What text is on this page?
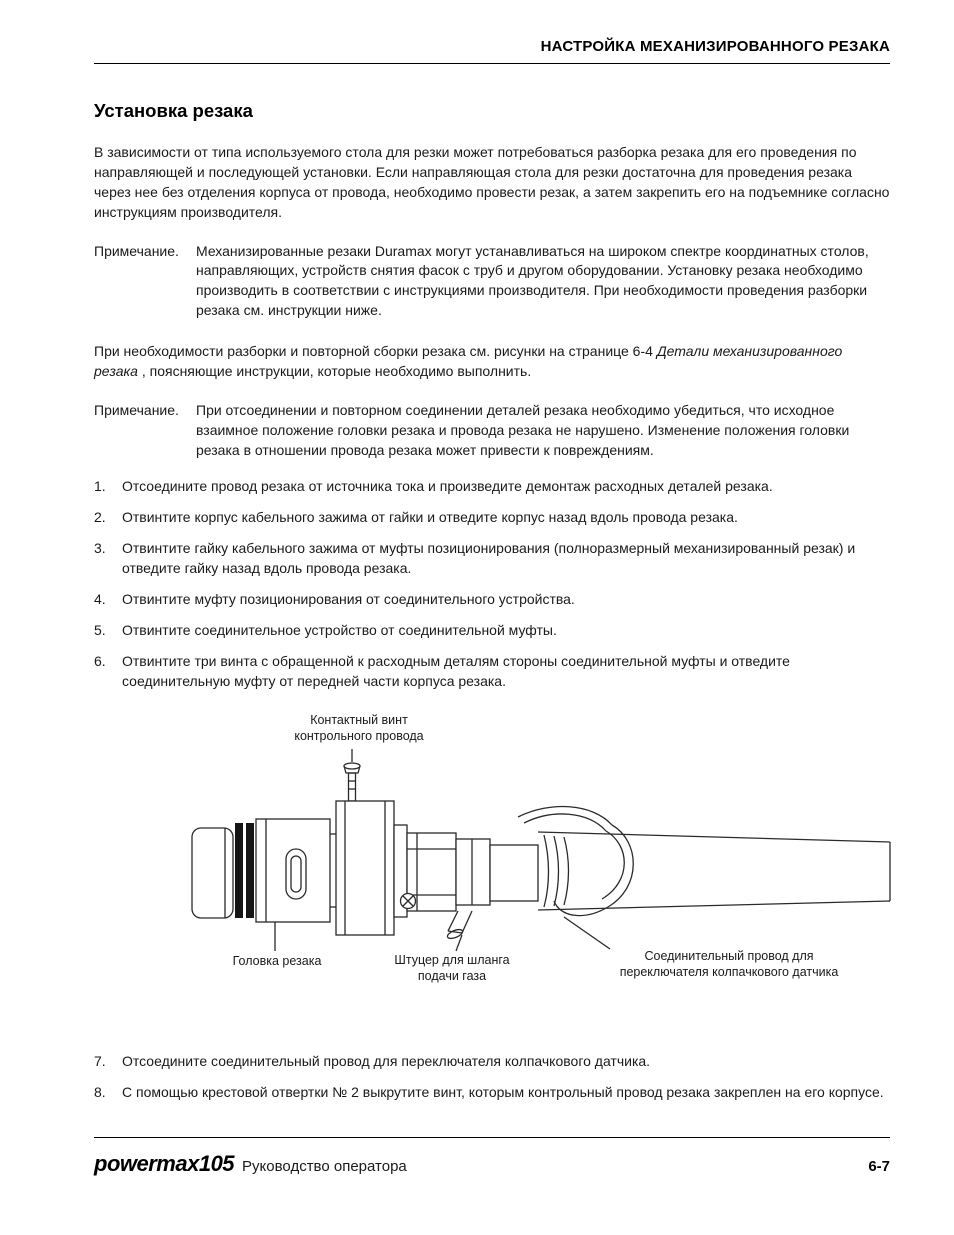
НАСТРОЙКА МЕХАНИЗИРОВАННОГО РЕЗАКА
Установка резака
В зависимости от типа используемого стола для резки может потребоваться разборка резака для его проведения по направляющей и последующей установки. Если направляющая стола для резки достаточна для проведения резака через нее без отделения корпуса от провода, необходимо провести резак, а затем закрепить его на подъемнике согласно инструкциям производителя.
Примечание.	Механизированные резаки Duramax могут устанавливаться на широком спектре координатных столов, направляющих, устройств снятия фасок с труб и другом оборудовании. Установку резака необходимо производить в соответствии с инструкциями производителя. При необходимости проведения разборки резака см. инструкции ниже.
При необходимости разборки и повторной сборки резака см. рисунки на странице 6-4 Детали механизированного резака , поясняющие инструкции, которые необходимо выполнить.
Примечание.	При отсоединении и повторном соединении деталей резака необходимо убедиться, что исходное взаимное положение головки резака и провода резака не нарушено. Изменение положения головки резака в отношении провода резака может привести к повреждениям.
1.	Отсоедините провод резака от источника тока и произведите демонтаж расходных деталей резака.
2.	Отвинтите корпус кабельного зажима от гайки и отведите корпус назад вдоль провода резака.
3.	Отвинтите гайку кабельного зажима от муфты позиционирования (полноразмерный механизированный резак) и отведите гайку назад вдоль провода резака.
4.	Отвинтите муфту позиционирования от соединительного устройства.
5.	Отвинтите соединительное устройство от соединительной муфты.
6.	Отвинтите три винта с обращенной к расходным деталям стороны соединительной муфты и отведите соединительную муфту от передней части корпуса резака.
Контактный винт контрольного провода
Головка резака	Штуцер для шланга подачи газа
Соединительный провод для переключателя колпачкового датчика
7.	Отсоедините соединительный провод для переключателя колпачкового датчика.
8.	С помощью крестовой отвертки № 2 выкрутите винт, которым контрольный провод резака закреплен на его корпусе.
powermax105 Руководство оператора	6-7
